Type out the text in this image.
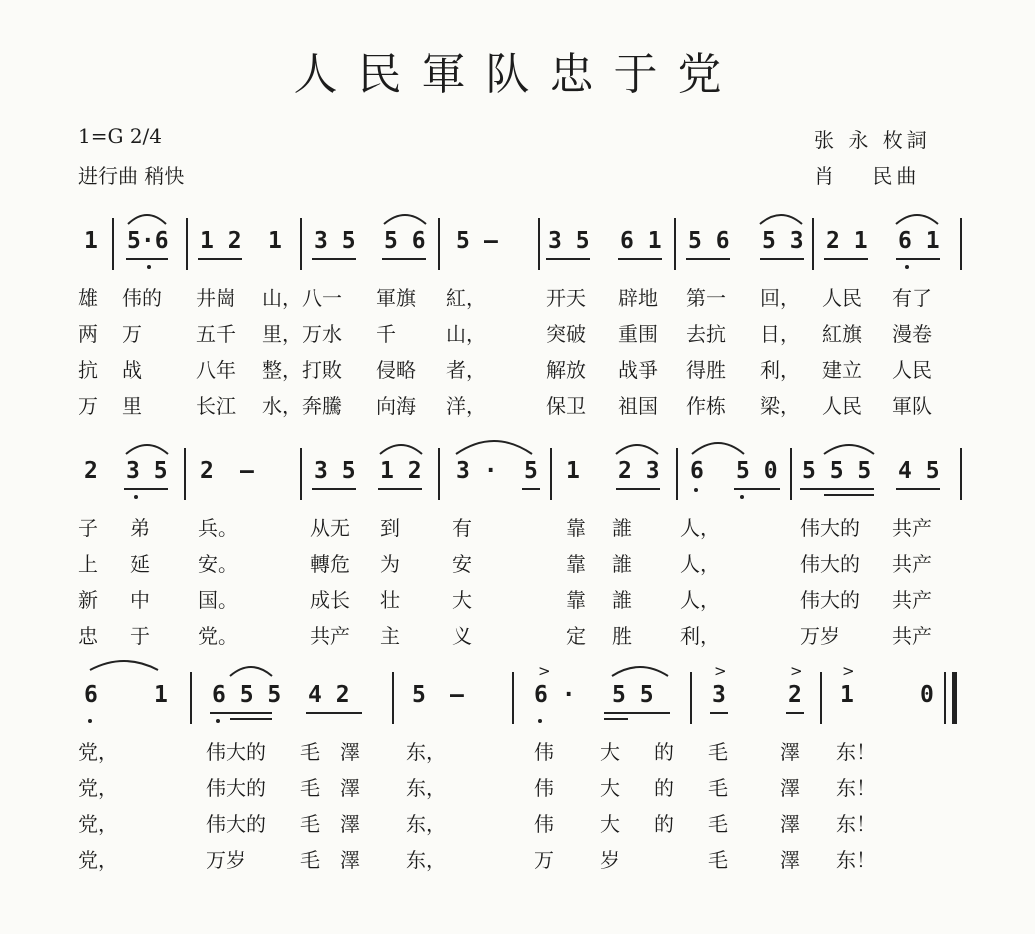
人民軍队忠于党
1=G 2/4
进行曲 稍快
张 永 枚詞
肖　 民曲
1 5·6 1 2 1 3 5 5 6 5 — 3 5 6 1 5 6 5 3 2 1 6 1
雄 伟的 井崗 山，八一 軍旗 紅，	开天 辟地 第一 回， 人民 有了
两 万	五千 里，万水 千	山，	突破 重围 去抗 日， 紅旗 漫卷
抗 战	八年 整，打敗 侵略 者，	解放 战爭 得胜 利， 建立 人民
万 里	长江 水，奔騰 向海 洋，	保卫 祖国 作栋 梁， 人民 軍队
2 3 5 2 —	3 5 1 2 3 · 5 1 2 3 6 5 0 5 5 5 4 5
子 弟 兵。	从无 到	有	靠 誰 人，	伟大的 共产
上 延 安。	轉危 为	安	靠 誰 人，	伟大的 共产
新 中 国。	成长 壮	大	靠 誰 人，	伟大的 共产
忠 于 党。	共产 主	义	定 胜 利，	万岁	共产
6 1 6 5 5 4 2	5 —	6 · 5 5	3	2 1	0
>	>	>	>
党，	伟大的 毛 澤 东，	伟 大 的 毛	澤 东！
党，	伟大的 毛 澤 东，	伟 大 的 毛	澤 东！
党，	伟大的 毛 澤 东，	伟 大 的 毛	澤 东！
党，	万岁	毛 澤 东，	万 岁	毛	澤 东！
